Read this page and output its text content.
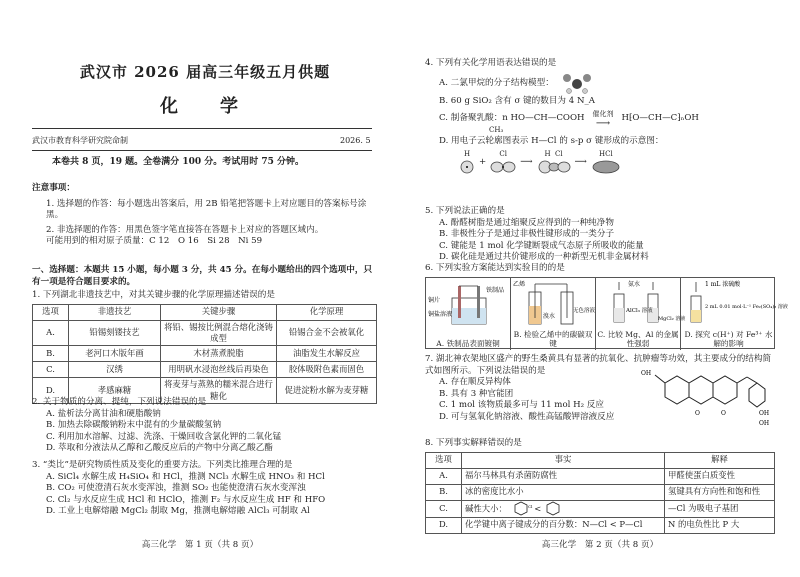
武汉市 2026 届高三年级五月供题
化　学
武汉市教育科学研究院命制	2026. 5
本卷共 8 页，19 题。全卷满分 100 分。考试用时 75 分钟。
注意事项：
1. 选择题的作答：每小题选出答案后，用 2B 铅笔把答题卡上对应题目的答案标号涂黑。
2. 非选择题的作答：用黑色签字笔直接答在答题卡上对应的答题区域内。
可能用到的相对原子质量：C 12　O 16　Si 28　Ni 59
一、选择题：本题共 15 小题，每小题 3 分，共 45 分。在每小题给出的四个选项中，只有一项是符合题目要求的。
1. 下列湖北非遗技艺中，对其关键步骤的化学原理描述错误的是
选项	非遗技艺	关键步骤	化学原理
A.	铅锡刻镂技艺	将铅、锡按比例混合熔化浇铸成型	铅锡合金不会被氧化
B.	老河口木版年画	木材蒸煮脱脂	油脂发生水解反应
C.	汉绣	用明矾水浸泡丝线后再染色	胶体吸附色素而固色
D.	孝感麻糖	将麦芽与蒸熟的糯米混合进行糖化	促进淀粉水解为麦芽糖
2. 关于物质的分离、提纯，下列说法错误的是
A. 盐析法分离甘油和硬脂酸钠
B. 加热去除碳酸钠粉末中混有的少量碳酸氢钠
C. 利用加水溶解、过滤、洗涤、干燥回收含氯化钾的二氧化锰
D. 萃取和分液法从乙醇和乙酸反应后的产物中分离乙酸乙酯
3. “类比”是研究物质性质及变化的重要方法。下列类比推理合理的是
A. SiCl₄ 水解生成 H₄SiO₄ 和 HCl，推测 NCl₃ 水解生成 HNO₃ 和 HCl
B. CO₂ 可使澄清石灰水变浑浊，推测 SO₂ 也能使澄清石灰水变浑浊
C. Cl₂ 与水反应生成 HCl 和 HClO，推测 F₂ 与水反应生成 HF 和 HFO
D. 工业上电解熔融 MgCl₂ 制取 Mg，推测电解熔融 AlCl₃ 可制取 Al
高三化学　第 1 页（共 8 页）
4. 下列有关化学用语表达错误的是
A. 二氯甲烷的分子结构模型：
B. 60 g SiO₂ 含有 σ 键的数目为 4 N_A
C. 制备聚乳酸：n HO—CH—COOH 催化剂
⟶ H⁅O—CH—C⁆ₙOH
CH₃
D. 用电子云轮廓图表示 H—Cl 的 s-p σ 键形成的示意图：
H
+
Cl
⟶
H Cl
⟶
HCl
5. 下列说法正确的是
A. 酚醛树脂是通过缩聚反应得到的一种纯净物
B. 非极性分子是通过非极性键形成的一类分子
C. 键能是 1 mol 化学键断裂成气态原子所吸收的能量
D. 碳化硅是通过共价键形成的一种新型无机非金属材料
6. 下列实验方案能达到实验目的的是
铜片
铁制品
铜盐溶液
A. 铁制品表面镀铜
乙烯
溴水
无色溶液
B. 检验乙烯中的碳碳双键
氨水
AlCl₃ 溶液
MgCl₂ 溶液
C. 比较 Mg、Al 的金属性强弱
1 mL 浓硫酸
2 mL 0.01 mol·L⁻¹ Fe₂(SO₄)₃ 溶液
D. 探究 c(H⁺) 对 Fe³⁺ 水解的影响
7. 湖北神农架地区盛产的野生桑黄具有显著的抗氧化、抗肿瘤等功效，其主要成分的结构简式如图所示。下列说法错误的是
A. 存在顺反异构体
B. 具有 3 种官能团
C. 1 mol 该物质最多可与 11 mol H₂ 反应
D. 可与氢氧化钠溶液、酸性高锰酸钾溶液反应
OH
OH
OH
O
O
8. 下列事实解释错误的是
选项	事实	解释
A.	福尔马林具有杀菌防腐性	甲醛使蛋白质变性
B.	冰的密度比水小	氢键具有方向性和饱和性
C.	碱性大小： Cl <	—Cl 为吸电子基团
D.	化学键中离子键成分的百分数：N—Cl < P—Cl	N 的电负性比 P 大
高三化学　第 2 页（共 8 页）
